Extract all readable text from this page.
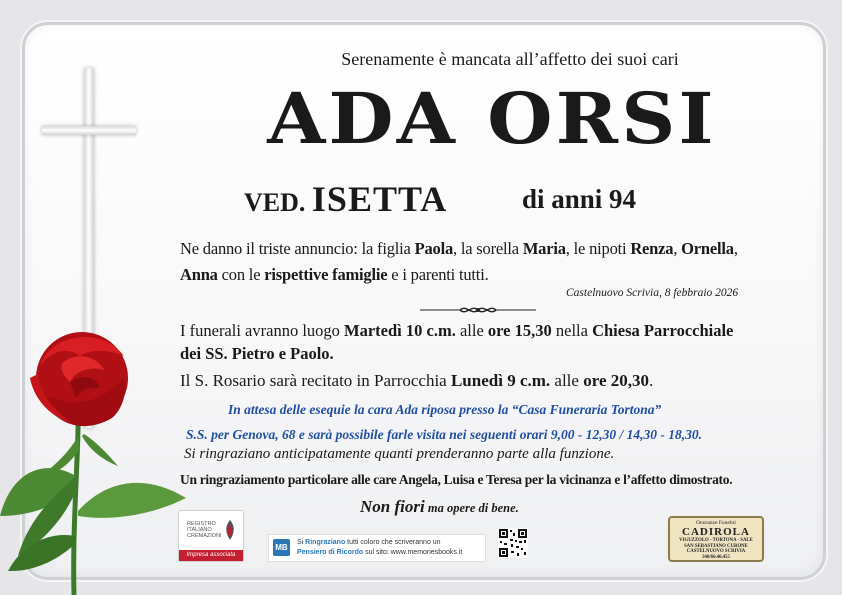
Serenamente è mancata all’affetto dei suoi cari
ADA ORSI
VED. ISETTA	di anni 94
Ne danno il triste annuncio: la figlia Paola, la sorella Maria, le nipoti Renza, Ornella,
Anna con le rispettive famiglie e i parenti tutti.
Castelnuovo Scrivia, 8 febbraio 2026
I funerali avranno luogo Martedì 10 c.m. alle ore 15,30 nella Chiesa Parrocchiale
dei SS. Pietro e Paolo.
Il S. Rosario sarà recitato in Parrocchia Lunedì 9 c.m. alle ore 20,30.
In attesa delle esequie la cara Ada riposa presso la “Casa Funeraria Tortona”
S.S. per Genova, 68 e sarà possibile farle visita nei seguenti orari 9,00 - 12,30 / 14,30 - 18,30.
Si ringraziano anticipatamente quanti prenderanno parte alla funzione.
Un ringraziamento particolare alle care Angela, Luisa e Teresa per la vicinanza e l’affetto dimostrato.
Non fiori ma opere di bene.
REGISTRO
ITALIANO
CREMAZIONI
Impresa associata
MB
Si Ringraziano tutti coloro che scriveranno un
Pensiero di Ricordo sul sito: www.memoriesbooks.it
Onoranze Funebri
CADIROLA
VIGUZZOLO - TORTONA - SALE
SAN SEBASTIANO CURONE
CASTELNUOVO SCRIVIA
340/66.40.455
